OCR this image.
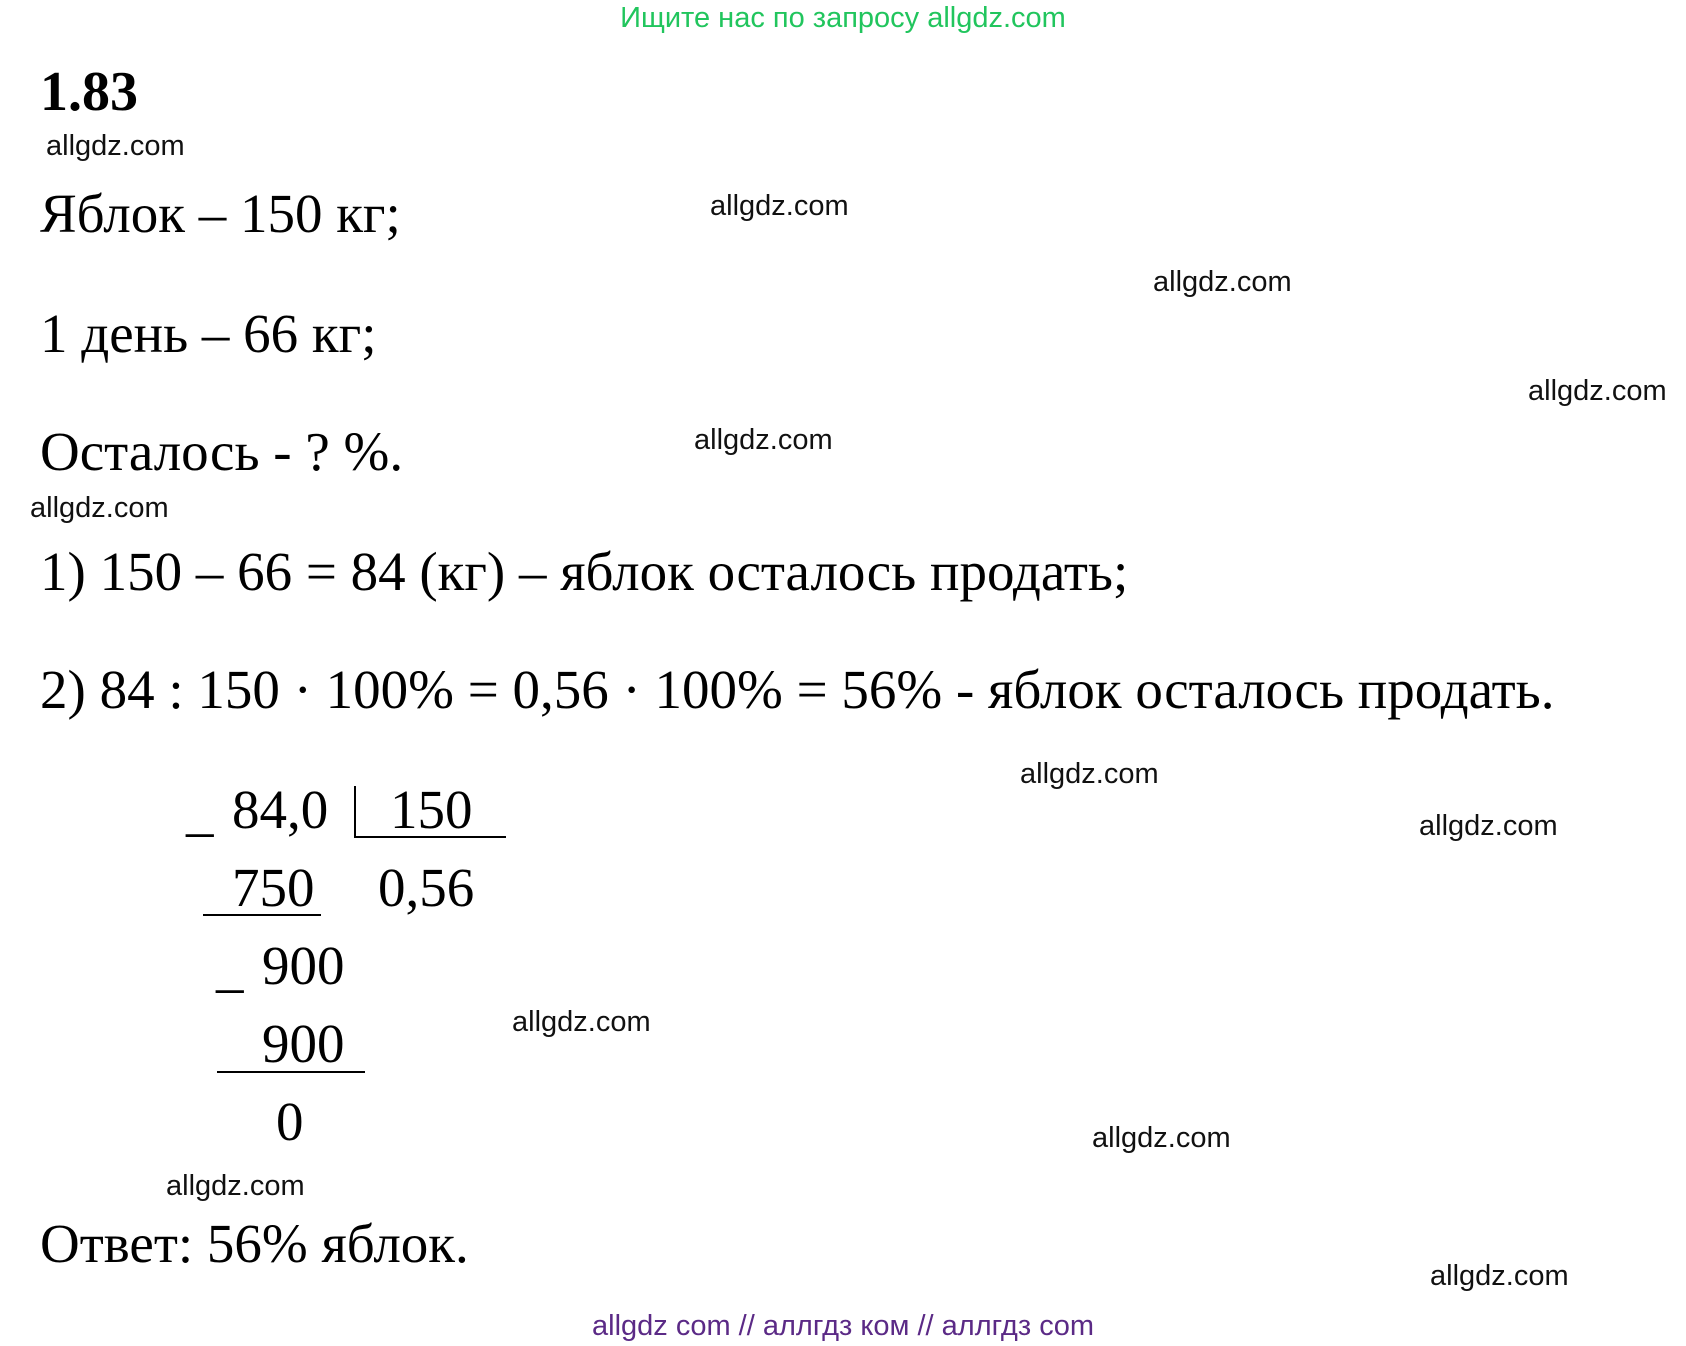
Ищите нас по запросу allgdz.com
1.83
Яблок – 150 кг;
1 день – 66 кг;
Осталось - ? %.
1) 150 – 66 = 84 (кг) – яблок осталось продать;
2) 84 : 150 · 100% = 0,56 · 100% = 56% - яблок осталось продать.
_ 84,0 150
0,56
750
_ 900
900
0
Ответ: 56% яблок.
allgdz.com
allgdz.com
allgdz.com
allgdz.com
allgdz.com
allgdz.com
allgdz.com
allgdz.com
allgdz.com
allgdz.com
allgdz.com
allgdz.com
allgdz com // аллгдз ком // аллгдз com
